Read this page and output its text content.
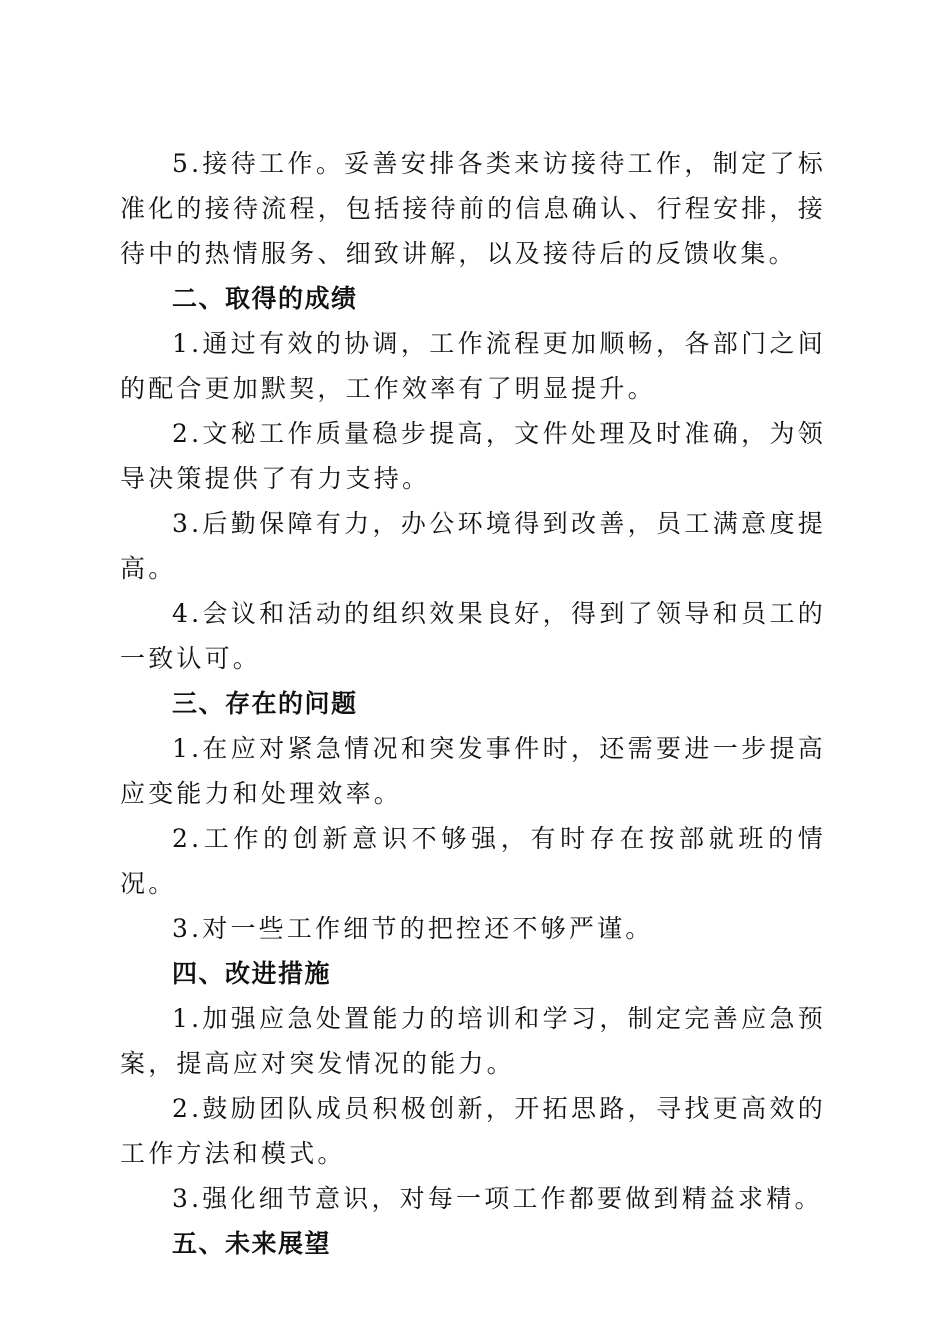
5.接待工作。妥善安排各类来访接待工作，制定了标准化的接待流程，包括接待前的信息确认、行程安排，接待中的热情服务、细致讲解，以及接待后的反馈收集。

二、取得的成绩

1.通过有效的协调，工作流程更加顺畅，各部门之间的配合更加默契，工作效率有了明显提升。

2.文秘工作质量稳步提高，文件处理及时准确，为领导决策提供了有力支持。

3.后勤保障有力，办公环境得到改善，员工满意度提高。

4.会议和活动的组织效果良好，得到了领导和员工的一致认可。

三、存在的问题

1.在应对紧急情况和突发事件时，还需要进一步提高应变能力和处理效率。

2.工作的创新意识不够强，有时存在按部就班的情况。

3.对一些工作细节的把控还不够严谨。

四、改进措施

1.加强应急处置能力的培训和学习，制定完善应急预案，提高应对突发情况的能力。

2.鼓励团队成员积极创新，开拓思路，寻找更高效的工作方法和模式。

3.强化细节意识，对每一项工作都要做到精益求精。

五、未来展望
